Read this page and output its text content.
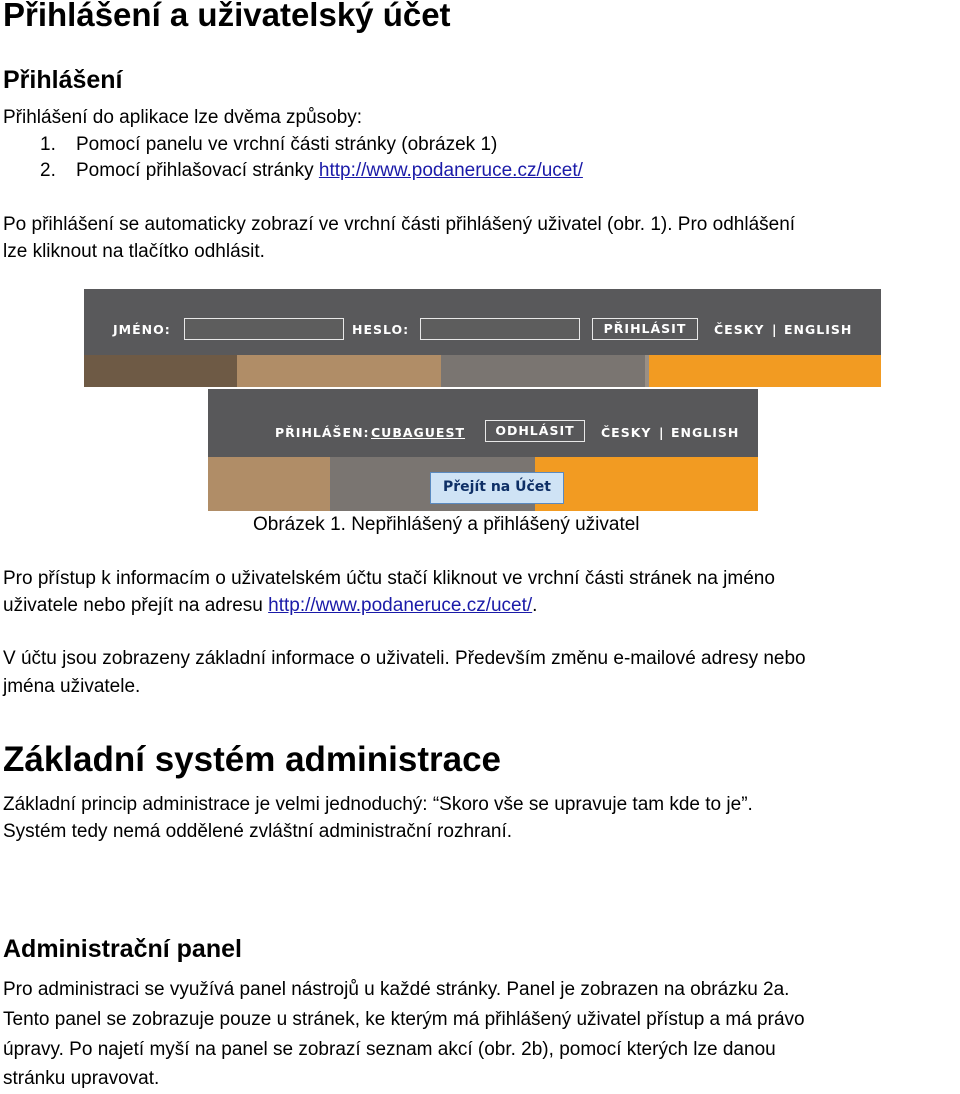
Přihlášení a uživatelský účet
Přihlášení
Přihlášení do aplikace lze dvěma způsoby:
1. Pomocí panelu ve vrchní části stránky (obrázek 1)
2. Pomocí přihlašovací stránky http://www.podaneruce.cz/ucet/
Po přihlášení se automaticky zobrazí ve vrchní části přihlášený uživatel (obr. 1). Pro odhlášení
lze kliknout na tlačítko odhlásit.
JMÉNO:	HESLO:	PŘIHLÁSIT	ČESKY | ENGLISH
PŘIHLÁŠEN: CUBAGUEST	ODHLÁSIT	ČESKY | ENGLISH
Přejít na Účet
Obrázek 1. Nepřihlášený a přihlášený uživatel
Pro přístup k informacím o uživatelském účtu stačí kliknout ve vrchní části stránek na jméno
uživatele nebo přejít na adresu http://www.podaneruce.cz/ucet/.
V účtu jsou zobrazeny základní informace o uživateli. Především změnu e-mailové adresy nebo
jména uživatele.
Základní systém administrace
Základní princip administrace je velmi jednoduchý: “Skoro vše se upravuje tam kde to je”.
Systém tedy nemá oddělené zvláštní administrační rozhraní.
Administrační panel
Pro administraci se využívá panel nástrojů u každé stránky. Panel je zobrazen na obrázku 2a.
Tento panel se zobrazuje pouze u stránek, ke kterým má přihlášený uživatel přístup a má právo
úpravy. Po najetí myší na panel se zobrazí seznam akcí (obr. 2b), pomocí kterých lze danou
stránku upravovat.
